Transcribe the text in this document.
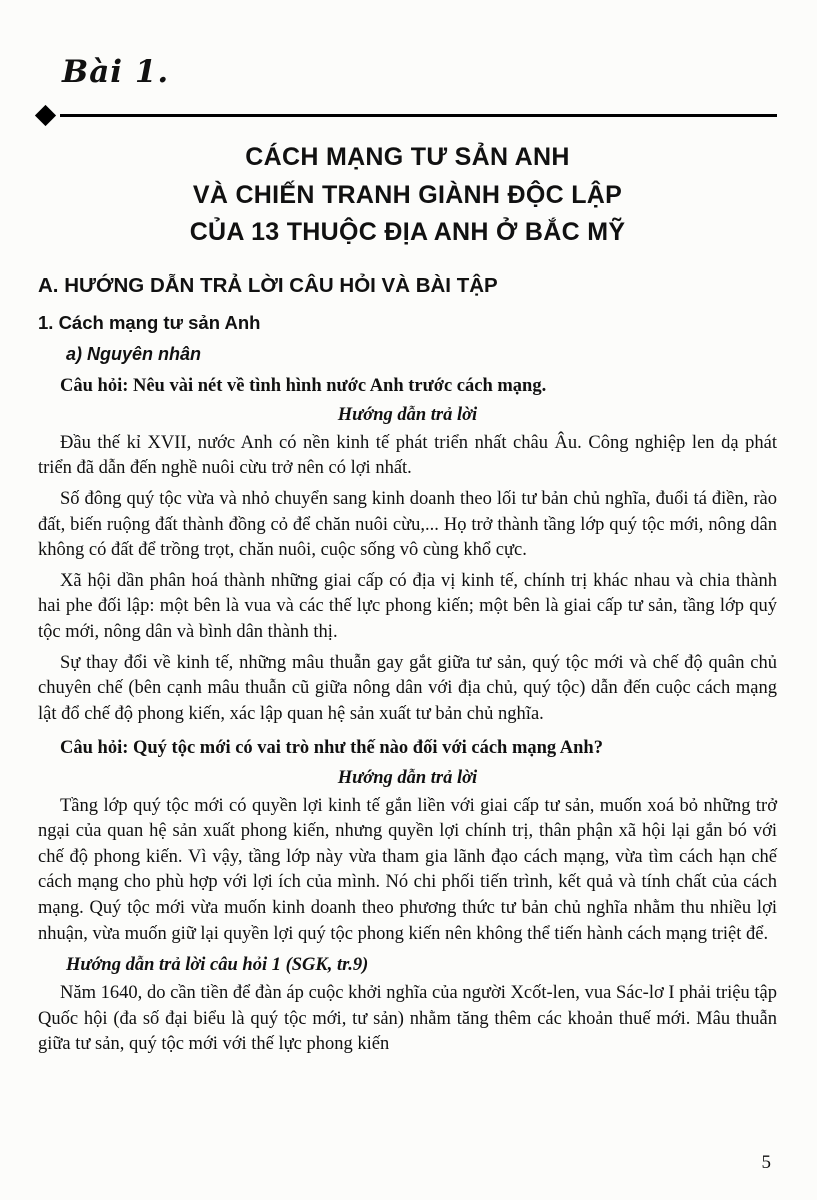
Bài 1.
CÁCH MẠNG TƯ SẢN ANH
VÀ CHIẾN TRANH GIÀNH ĐỘC LẬP
CỦA 13 THUỘC ĐỊA ANH Ở BẮC MỸ
A. HƯỚNG DẪN TRẢ LỜI CÂU HỎI VÀ BÀI TẬP
1. Cách mạng tư sản Anh
a) Nguyên nhân

Câu hỏi: Nêu vài nét về tình hình nước Anh trước cách mạng.

Hướng dẫn trả lời

Đầu thế kỉ XVII, nước Anh có nền kinh tế phát triển nhất châu Âu. Công nghiệp len dạ phát triển đã dẫn đến nghề nuôi cừu trở nên có lợi nhất.

Số đông quý tộc vừa và nhỏ chuyển sang kinh doanh theo lối tư bản chủ nghĩa, đuổi tá điền, rào đất, biến ruộng đất thành đồng cỏ để chăn nuôi cừu,... Họ trở thành tầng lớp quý tộc mới, nông dân không có đất để trồng trọt, chăn nuôi, cuộc sống vô cùng khổ cực.

Xã hội dần phân hoá thành những giai cấp có địa vị kinh tế, chính trị khác nhau và chia thành hai phe đối lập: một bên là vua và các thế lực phong kiến; một bên là giai cấp tư sản, tầng lớp quý tộc mới, nông dân và bình dân thành thị.

Sự thay đổi về kinh tế, những mâu thuẫn gay gắt giữa tư sản, quý tộc mới và chế độ quân chủ chuyên chế (bên cạnh mâu thuẫn cũ giữa nông dân với địa chủ, quý tộc) dẫn đến cuộc cách mạng lật đổ chế độ phong kiến, xác lập quan hệ sản xuất tư bản chủ nghĩa.

Câu hỏi: Quý tộc mới có vai trò như thế nào đối với cách mạng Anh?

Hướng dẫn trả lời

Tầng lớp quý tộc mới có quyền lợi kinh tế gắn liền với giai cấp tư sản, muốn xoá bỏ những trở ngại của quan hệ sản xuất phong kiến, nhưng quyền lợi chính trị, thân phận xã hội lại gắn bó với chế độ phong kiến. Vì vậy, tầng lớp này vừa tham gia lãnh đạo cách mạng, vừa tìm cách hạn chế cách mạng cho phù hợp với lợi ích của mình. Nó chi phối tiến trình, kết quả và tính chất của cách mạng. Quý tộc mới vừa muốn kinh doanh theo phương thức tư bản chủ nghĩa nhằm thu nhiều lợi nhuận, vừa muốn giữ lại quyền lợi quý tộc phong kiến nên không thể tiến hành cách mạng triệt để.

Hướng dẫn trả lời câu hỏi 1 (SGK, tr.9)

Năm 1640, do cần tiền để đàn áp cuộc khởi nghĩa của người Xcốt-len, vua Sác-lơ I phải triệu tập Quốc hội (đa số đại biểu là quý tộc mới, tư sản) nhằm tăng thêm các khoản thuế mới. Mâu thuẫn giữa tư sản, quý tộc mới với thế lực phong kiến

5
